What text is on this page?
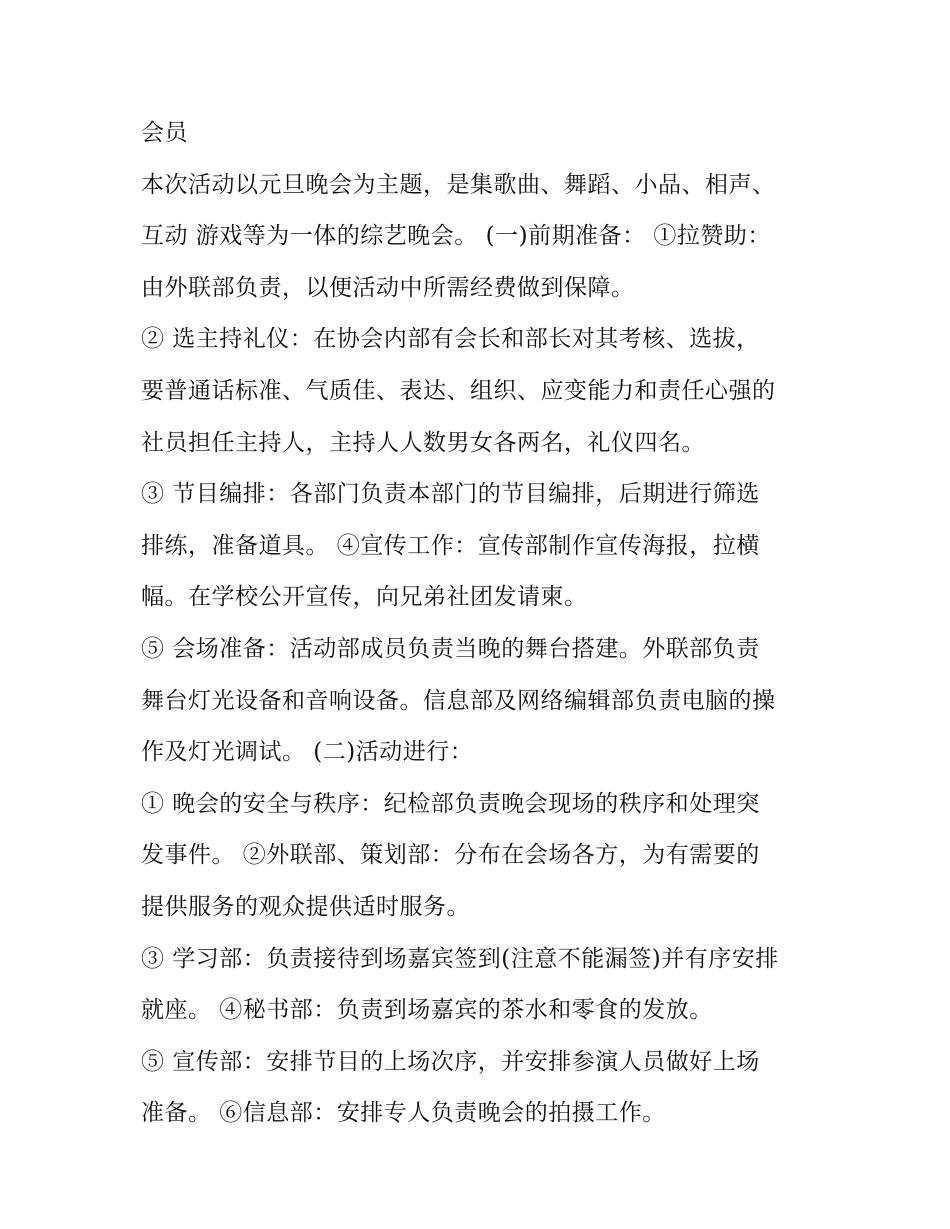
会员
本次活动以元旦晚会为主题，是集歌曲、舞蹈、小品、相声、
互动 游戏等为一体的综艺晚会。 (一)前期准备： ①拉赞助：
由外联部负责，以便活动中所需经费做到保障。
② 选主持礼仪：在协会内部有会长和部长对其考核、选拔，
要普通话标准、气质佳、表达、组织、应变能力和责任心强的
社员担任主持人，主持人人数男女各两名，礼仪四名。
③ 节目编排：各部门负责本部门的节目编排，后期进行筛选
排练，准备道具。 ④宣传工作：宣传部制作宣传海报，拉横
幅。在学校公开宣传，向兄弟社团发请柬。
⑤ 会场准备：活动部成员负责当晚的舞台搭建。外联部负责
舞台灯光设备和音响设备。信息部及网络编辑部负责电脑的操
作及灯光调试。 (二)活动进行：
① 晚会的安全与秩序：纪检部负责晚会现场的秩序和处理突
发事件。 ②外联部、策划部：分布在会场各方，为有需要的
提供服务的观众提供适时服务。
③ 学习部：负责接待到场嘉宾签到(注意不能漏签)并有序安排
就座。 ④秘书部：负责到场嘉宾的茶水和零食的发放。
⑤ 宣传部：安排节目的上场次序，并安排参演人员做好上场
准备。 ⑥信息部：安排专人负责晚会的拍摄工作。
